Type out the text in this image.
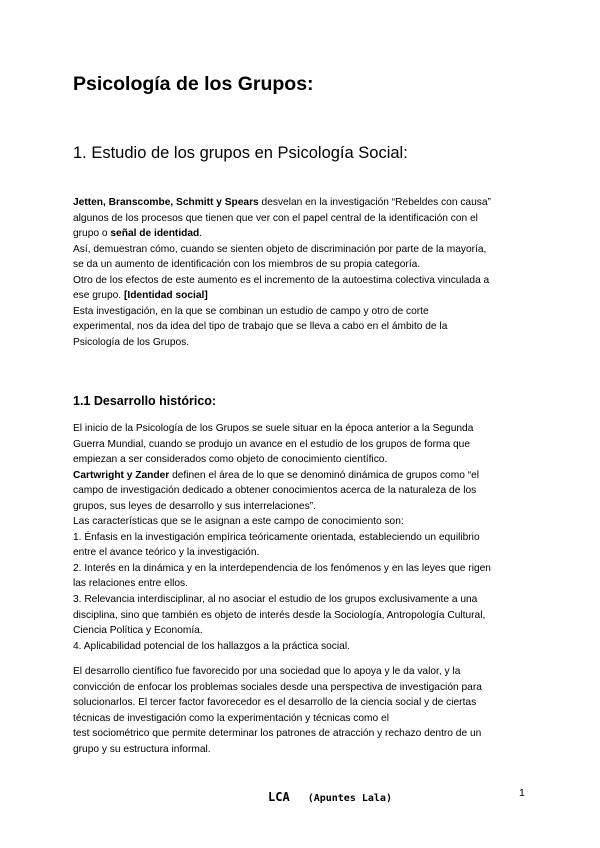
Psicología de los Grupos:
1. Estudio de los grupos en Psicología Social:
Jetten, Branscombe, Schmitt y Spears desvelan en la investigación “Rebeldes con causa”
algunos de los procesos que tienen que ver con el papel central de la identificación con el
grupo o señal de identidad.
Así, demuestran cómo, cuando se sienten objeto de discriminación por parte de la mayoría,
se da un aumento de identificación con los miembros de su propia categoría.
Otro de los efectos de este aumento es el incremento de la autoestima colectiva vinculada a
ese grupo. [Identidad social]
Esta investigación, en la que se combinan un estudio de campo y otro de corte
experimental, nos da idea del tipo de trabajo que se lleva a cabo en el ámbito de la
Psicología de los Grupos.
1.1 Desarrollo histórico:
El inicio de la Psicología de los Grupos se suele situar en la época anterior a la Segunda
Guerra Mundial, cuando se produjo un avance en el estudio de los grupos de forma que
empiezan a ser considerados como objeto de conocimiento científico.
Cartwright y Zander definen el área de lo que se denominó dinámica de grupos como “el
campo de investigación dedicado a obtener conocimientos acerca de la naturaleza de los
grupos, sus leyes de desarrollo y sus interrelaciones”.
Las características que se le asignan a este campo de conocimiento son:
1. Énfasis en la investigación empírica teóricamente orientada, estableciendo un equilibrio
entre el avance teórico y la investigación.
2. Interés en la dinámica y en la interdependencia de los fenómenos y en las leyes que rigen
las relaciones entre ellos.
3. Relevancia interdisciplinar, al no asociar el estudio de los grupos exclusivamente a una
disciplina, sino que también es objeto de interés desde la Sociología, Antropología Cultural,
Ciencia Política y Economía.
4. Aplicabilidad potencial de los hallazgos a la práctica social.
El desarrollo científico fue favorecido por una sociedad que lo apoya y le da valor, y la
convicción de enfocar los problemas sociales desde una perspectiva de investigación para
solucionarlos. El tercer factor favorecedor es el desarrollo de la ciencia social y de ciertas
técnicas de investigación como la experimentación y técnicas como el
test sociométrico que permite determinar los patrones de atracción y rechazo dentro de un
grupo y su estructura informal.
LCA (Apuntes Lala)	1
